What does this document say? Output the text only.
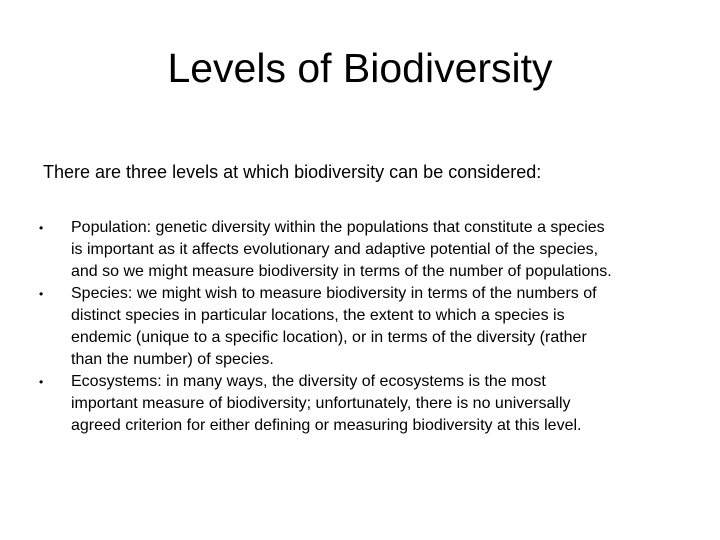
Levels of Biodiversity

There are three levels at which biodiversity can be considered:

• Population: genetic diversity within the populations that constitute a species
is important as it affects evolutionary and adaptive potential of the species,
and so we might measure biodiversity in terms of the number of populations.
• Species: we might wish to measure biodiversity in terms of the numbers of
distinct species in particular locations, the extent to which a species is
endemic (unique to a specific location), or in terms of the diversity (rather
than the number) of species.
• Ecosystems: in many ways, the diversity of ecosystems is the most
important measure of biodiversity; unfortunately, there is no universally
agreed criterion for either defining or measuring biodiversity at this level.
